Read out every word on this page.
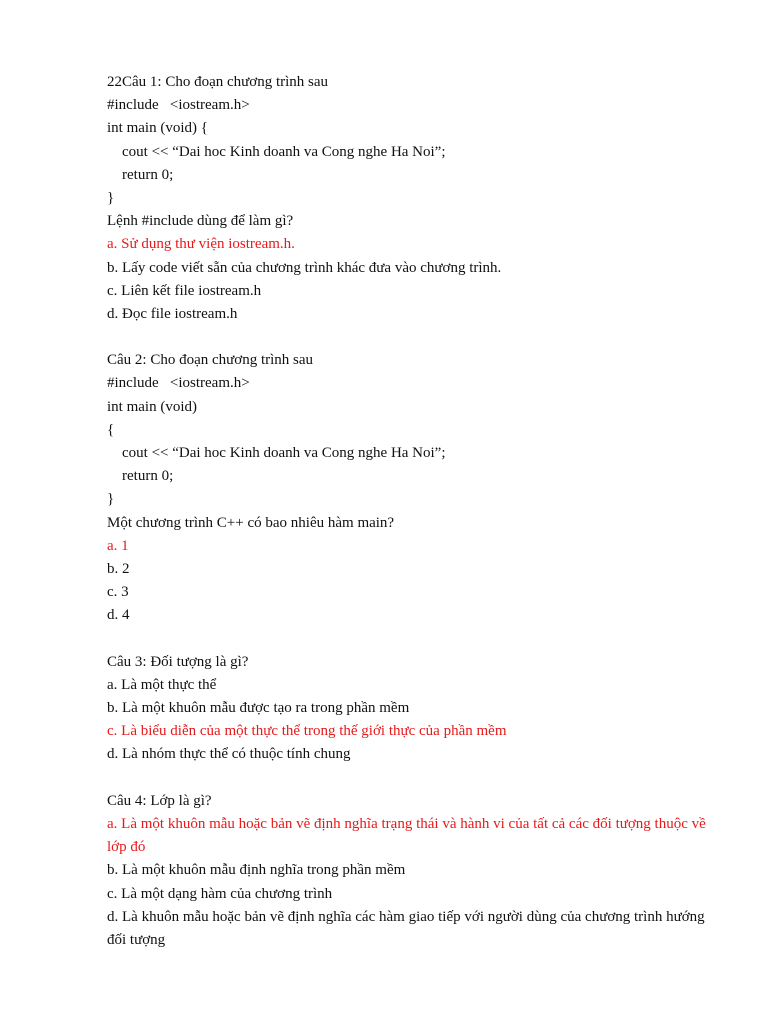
22Câu 1: Cho đoạn chương trình sau

#include   <iostream.h>

int main (void) {

cout << “Dai hoc Kinh doanh va Cong nghe Ha Noi”;

return 0;

}

Lệnh #include dùng để làm gì?

a. Sử dụng thư viện iostream.h.

b. Lấy code viết sẵn của chương trình khác đưa vào chương trình.

c. Liên kết file iostream.h

d. Đọc file iostream.h

Câu 2: Cho đoạn chương trình sau

#include   <iostream.h>

int main (void)

{

cout << “Dai hoc Kinh doanh va Cong nghe Ha Noi”;

return 0;

}

Một chương trình C++ có bao nhiêu hàm main?

a. 1

b. 2

c. 3

d. 4

Câu 3: Đối tượng là gì?

a. Là một thực thể

b. Là một khuôn mẫu được tạo ra trong phần mềm

c. Là biểu diễn của một thực thể trong thế giới thực của phần mềm

d. Là nhóm thực thể có thuộc tính chung

Câu 4: Lớp là gì?

a. Là một khuôn mẫu hoặc bản vẽ định nghĩa trạng thái và hành vi của tất cả các đối tượng thuộc về lớp đó

b. Là một khuôn mẫu định nghĩa trong phần mềm

c. Là một dạng hàm của chương trình

d. Là khuôn mẫu hoặc bản vẽ định nghĩa các hàm giao tiếp với người dùng của chương trình hướng đối tượng
